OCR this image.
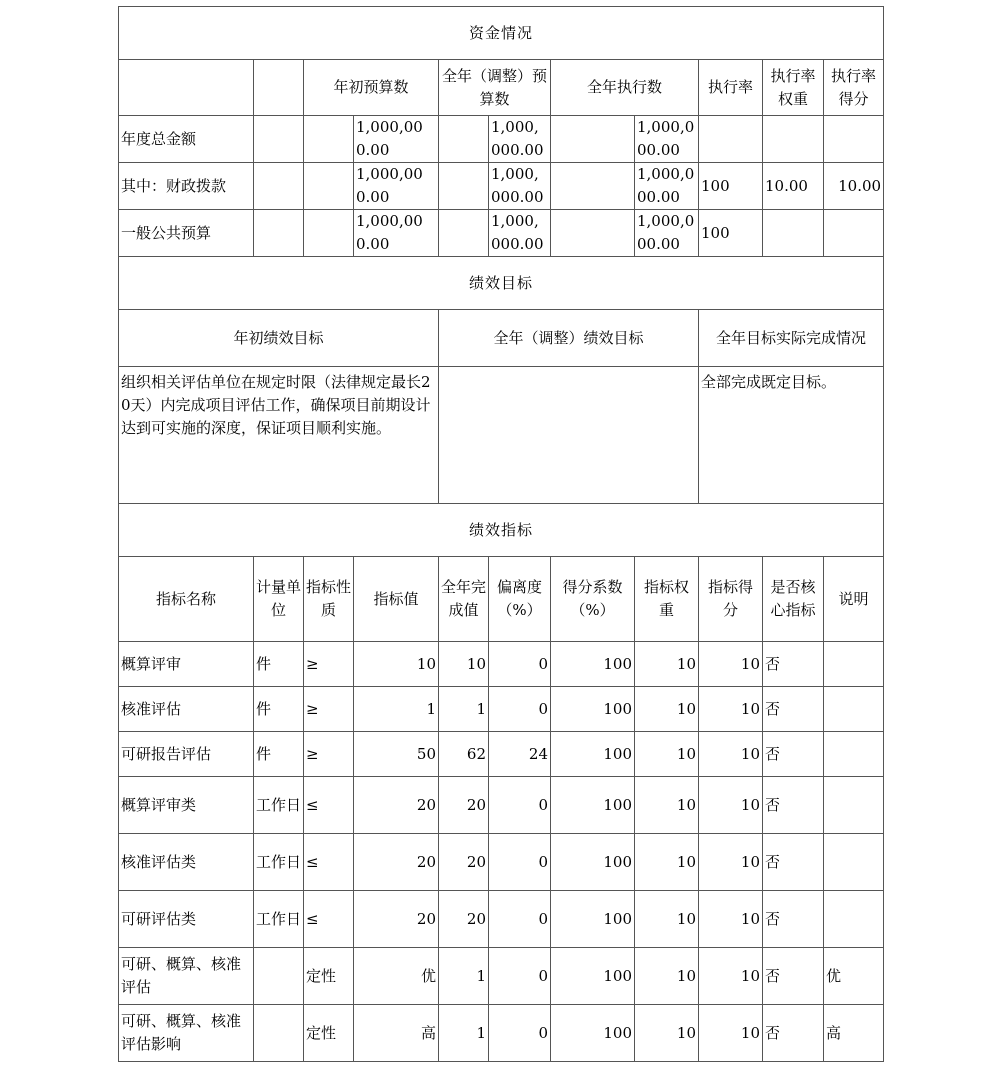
资金情况										
		年初预算数		全年（调整）预算数		全年执行数		执行率	执行率权重	执行率得分
年度总金额			1,000,000.00		1,000,000.00		1,000,000.00			
其中：财政拨款			1,000,000.00		1,000,000.00		1,000,000.00	100	10.00	10.00
一般公共预算			1,000,000.00		1,000,000.00		1,000,000.00	100		
绩效目标										
年初绩效目标				全年（调整）绩效目标				全年目标实际完成情况		
组织相关评估单位在规定时限（法律规定最长20天）内完成项目评估工作，确保项目前期设计达到可实施的深度，保证项目顺利实施。								全部完成既定目标。		
绩效指标										
指标名称	计量单位	指标性质	指标值	全年完成值	偏离度（%）	得分系数（%）	指标权重	指标得分	是否核心指标	说明
概算评审	件	≥	10	10	0	100	10	10	否	
核准评估	件	≥	1	1	0	100	10	10	否	
可研报告评估	件	≥	50	62	24	100	10	10	否	
概算评审类	工作日	≤	20	20	0	100	10	10	否	
核准评估类	工作日	≤	20	20	0	100	10	10	否	
可研评估类	工作日	≤	20	20	0	100	10	10	否	
可研、概算、核准评估		定性	优	1	0	100	10	10	否	优
可研、概算、核准评估影响		定性	高	1	0	100	10	10	否	高
